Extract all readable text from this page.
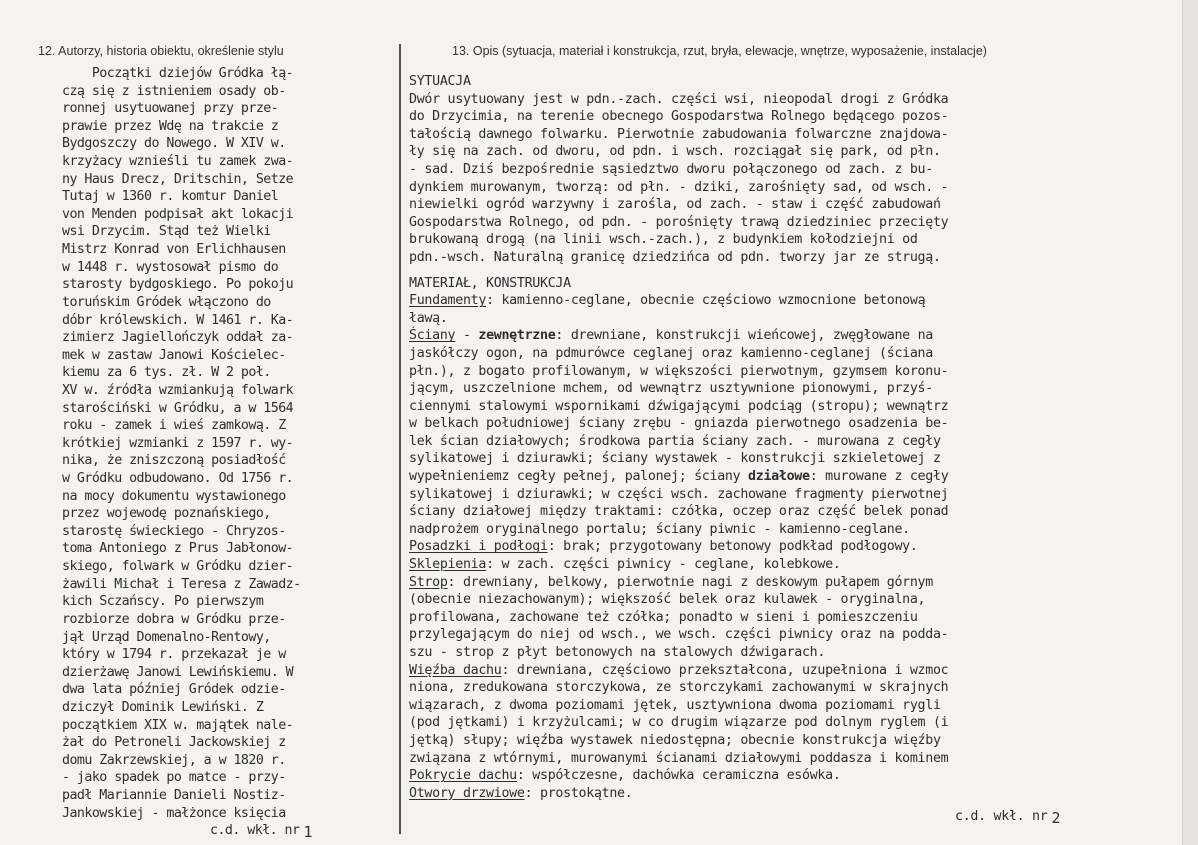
12. Autorzy, historia obiektu, określenie stylu	13. Opis (sytuacja, materiał i konstrukcja, rzut, bryła, elewacje, wnętrze, wyposażenie, instalacje)
Początki dziejów Gródka łą-
czą się z istnieniem osady ob-
ronnej usytuowanej przy prze-
prawie przez Wdę na trakcie z
Bydgoszczy do Nowego. W XIV w.
krzyżacy wznieśli tu zamek zwa-
ny Haus Drecz, Dritschin, Setze
Tutaj w 1360 r. komtur Daniel
von Menden podpisał akt lokacji
wsi Drzycim. Stąd też Wielki
Mistrz Konrad von Erlichhausen
w 1448 r. wystosował pismo do
starosty bydgoskiego. Po pokoju
toruńskim Gródek włączono do
dóbr królewskich. W 1461 r. Ka-
zimierz Jagiellończyk oddał za-
mek w zastaw Janowi Kościelec-
kiemu za 6 tys. zł. W 2 poł.
XV w. źródła wzmiankują folwark
starościński w Gródku, a w 1564
roku - zamek i wieś zamkową. Z
krótkiej wzmianki z 1597 r. wy-
nika, że zniszczoną posiadłość
w Gródku odbudowano. Od 1756 r.
na mocy dokumentu wystawionego
przez wojewodę poznańskiego,
starostę świeckiego - Chryzos-
toma Antoniego z Prus Jabłonow-
skiego, folwark w Gródku dzier-
żawili Michał i Teresa z Zawadz-
kich Sczańscy. Po pierwszym
rozbiorze dobra w Gródku prze-
jął Urząd Domenalno-Rentowy,
który w 1794 r. przekazał je w
dzierżawę Janowi Lewińskiemu. W
dwa lata później Gródek odzie-
dziczył Dominik Lewiński. Z
początkiem XIX w. majątek nale-
żał do Petroneli Jackowskiej z
domu Zakrzewskiej, a w 1820 r.
- jako spadek po matce - przy-
padł Mariannie Danieli Nostiz-
Jankowskiej - małżonce księcia
c.d. wkł. nr 1
SYTUACJA
Dwór usytuowany jest w pdn.-zach. części wsi, nieopodal drogi z Gródka
do Drzycimia, na terenie obecnego Gospodarstwa Rolnego będącego pozos-
tałością dawnego folwarku. Pierwotnie zabudowania folwarczne znajdowa-
ły się na zach. od dworu, od pdn. i wsch. rozciągał się park, od płn.
- sad. Dziś bezpośrednie sąsiedztwo dworu połączonego od zach. z bu-
dynkiem murowanym, tworzą: od płn. - dziki, zarośnięty sad, od wsch. -
niewielki ogród warzywny i zarośla, od zach. - staw i część zabudowań
Gospodarstwa Rolnego, od pdn. - porośnięty trawą dziedziniec przecięty
brukowaną drogą (na linii wsch.-zach.), z budynkiem kołodziejni od
pdn.-wsch. Naturalną granicę dziedzińca od pdn. tworzy jar ze strugą.
MATERIAŁ, KONSTRUKCJA
Fundamenty: kamienno-ceglane, obecnie częściowo wzmocnione betonową
ławą.
Ściany - zewnętrzne: drewniane, konstrukcji wieńcowej, zwęgłowane na
jaskółczy ogon, na pdmurówce ceglanej oraz kamienno-ceglanej (ściana
płn.), z bogato profilowanym, w większości pierwotnym, gzymsem koronu-
jącym, uszczelnione mchem, od wewnątrz usztywnione pionowymi, przyś-
ciennymi stalowymi wspornikami dźwigającymi podciąg (stropu); wewnątrz
w belkach południowej ściany zrębu - gniazda pierwotnego osadzenia be-
lek ścian działowych; środkowa partia ściany zach. - murowana z cegły
sylikatowej i dziurawki; ściany wystawek - konstrukcji szkieletowej z
wypełnieniemz cegły pełnej, palonej; ściany działowe: murowane z cegły
sylikatowej i dziurawki; w części wsch. zachowane fragmenty pierwotnej
ściany działowej między traktami: czółka, oczep oraz część belek ponad
nadprożem oryginalnego portalu; ściany piwnic - kamienno-ceglane.
Posadzki i podłogi: brak; przygotowany betonowy podkład podłogowy.
Sklepienia: w zach. części piwnicy - ceglane, kolebkowe.
Strop: drewniany, belkowy, pierwotnie nagi z deskowym pułapem górnym
(obecnie niezachowanym); większość belek oraz kulawek - oryginalna,
profilowana, zachowane też czółka; ponadto w sieni i pomieszczeniu
przylegającym do niej od wsch., we wsch. części piwnicy oraz na podda-
szu - strop z płyt betonowych na stalowych dźwigarach.
Więźba dachu: drewniana, częściowo przekształcona, uzupełniona i wzmoc
niona, zredukowana storczykowa, ze storczykami zachowanymi w skrajnych
wiązarach, z dwoma poziomami jętek, usztywniona dwoma poziomami rygli
(pod jętkami) i krzyżulcami; w co drugim wiązarze pod dolnym ryglem (i
jętką) słupy; więźba wystawek niedostępna; obecnie konstrukcja więźby
związana z wtórnymi, murowanymi ścianami działowymi poddasza i kominem
Pokrycie dachu: współczesne, dachówka ceramiczna esówka.
Otwory drzwiowe: prostokątne.
c.d. wkł. nr 2
